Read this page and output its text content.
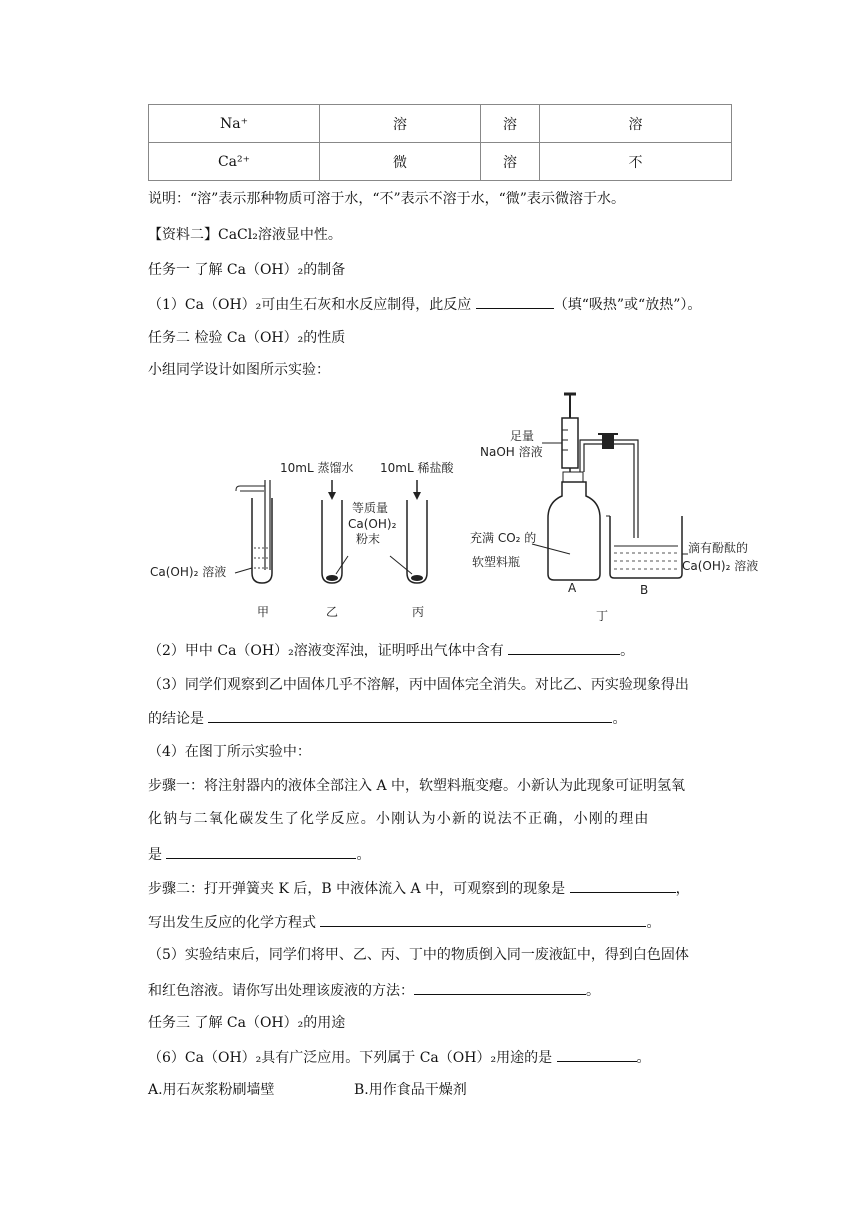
Na⁺	溶	溶	溶
Ca²⁺	微	溶	不
说明：“溶”表示那种物质可溶于水，“不”表示不溶于水，“微”表示微溶于水。
【资料二】CaCl₂溶液显中性。
任务一 了解 Ca（OH）₂的制备
（1）Ca（OH）₂可由生石灰和水反应制得，此反应	（填“吸热”或“放热”）。
任务二 检验 Ca（OH）₂的性质
小组同学设计如图所示实验：
Ca(OH)₂ 溶液
甲
10mL 蒸馏水
乙
10mL 稀盐酸
丙
等质量
Ca(OH)₂
粉末
足量
NaOH 溶液
充满 CO₂ 的
软塑料瓶
滴有酚酞的
Ca(OH)₂ 溶液
A	B
丁
（2）甲中 Ca（OH）₂溶液变浑浊，证明呼出气体中含有	。
（3）同学们观察到乙中固体几乎不溶解，丙中固体完全消失。对比乙、丙实验现象得出
的结论是	。
（4）在图丁所示实验中：
步骤一：将注射器内的液体全部注入 A 中，软塑料瓶变瘪。小新认为此现象可证明氢氧
化钠与二氧化碳发生了化学反应。小刚认为小新的说法不正确，小刚的理由
是	。
步骤二：打开弹簧夹 K 后，B 中液体流入 A 中，可观察到的现象是	，
写出发生反应的化学方程式	。
（5）实验结束后，同学们将甲、乙、丙、丁中的物质倒入同一废液缸中，得到白色固体
和红色溶液。请你写出处理该废液的方法：	。
任务三 了解 Ca（OH）₂的用途
（6）Ca（OH）₂具有广泛应用。下列属于 Ca（OH）₂用途的是	。
A.用石灰浆粉刷墙壁	B.用作食品干燥剂
